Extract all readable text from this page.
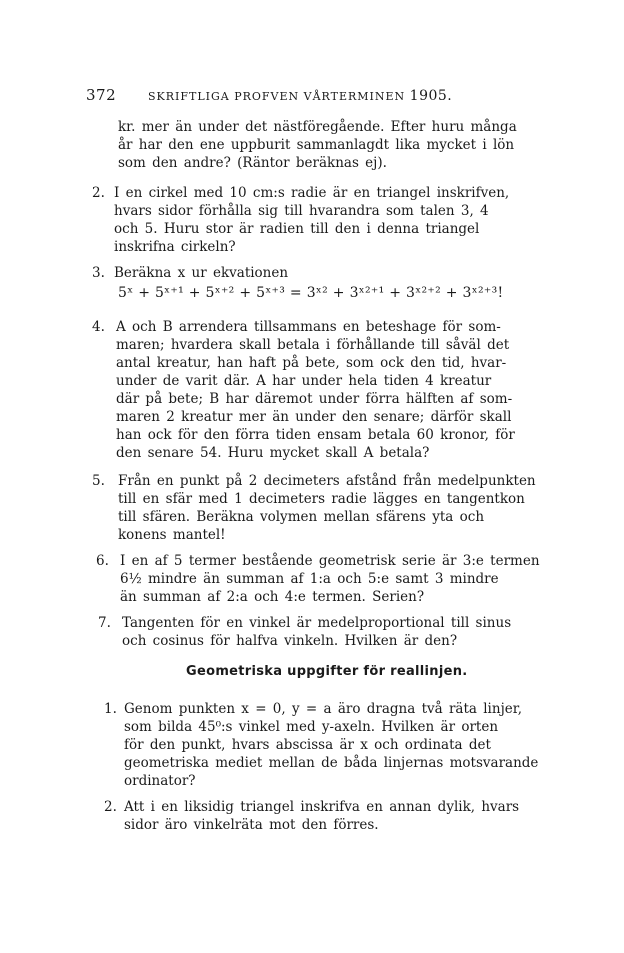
372	SKRIFTLIGA PROFVEN VÅRTERMINEN 1905.
kr. mer än under det nästföregående. Efter huru många
år har den ene uppburit sammanlagdt lika mycket i lön
som den andre? (Räntor beräknas ej).
2. I en cirkel med 10 cm:s radie är en triangel inskrifven,
hvars sidor förhålla sig till hvarandra som talen 3, 4
och 5. Huru stor är radien till den i denna triangel
inskrifna cirkeln?
3. Beräkna x ur ekvationen
5ˣ + 5ˣ⁺¹ + 5ˣ⁺² + 5ˣ⁺³ = 3ˣ² + 3ˣ²⁺¹ + 3ˣ²⁺² + 3ˣ²⁺³!
4. A och B arrendera tillsammans en beteshage för som-
maren; hvardera skall betala i förhållande till såväl det
antal kreatur, han haft på bete, som ock den tid, hvar-
under de varit där. A har under hela tiden 4 kreatur
där på bete; B har däremot under förra hälften af som-
maren 2 kreatur mer än under den senare; därför skall
han ock för den förra tiden ensam betala 60 kronor, för
den senare 54. Huru mycket skall A betala?
5. Från en punkt på 2 decimeters afstånd från medelpunkten
till en sfär med 1 decimeters radie lägges en tangentkon
till sfären. Beräkna volymen mellan sfärens yta och
konens mantel!
6. I en af 5 termer bestående geometrisk serie är 3:e termen
6½ mindre än summan af 1:a och 5:e samt 3 mindre
än summan af 2:a och 4:e termen. Serien?
7. Tangenten för en vinkel är medelproportional till sinus
och cosinus för halfva vinkeln. Hvilken är den?
Geometriska uppgifter för reallinjen.
1. Genom punkten x = 0, y = a äro dragna två räta linjer,
som bilda 45⁰:s vinkel med y-axeln. Hvilken är orten
för den punkt, hvars abscissa är x och ordinata det
geometriska mediet mellan de båda linjernas motsvarande
ordinator?
2. Att i en liksidig triangel inskrifva en annan dylik, hvars
sidor äro vinkelräta mot den förres.
